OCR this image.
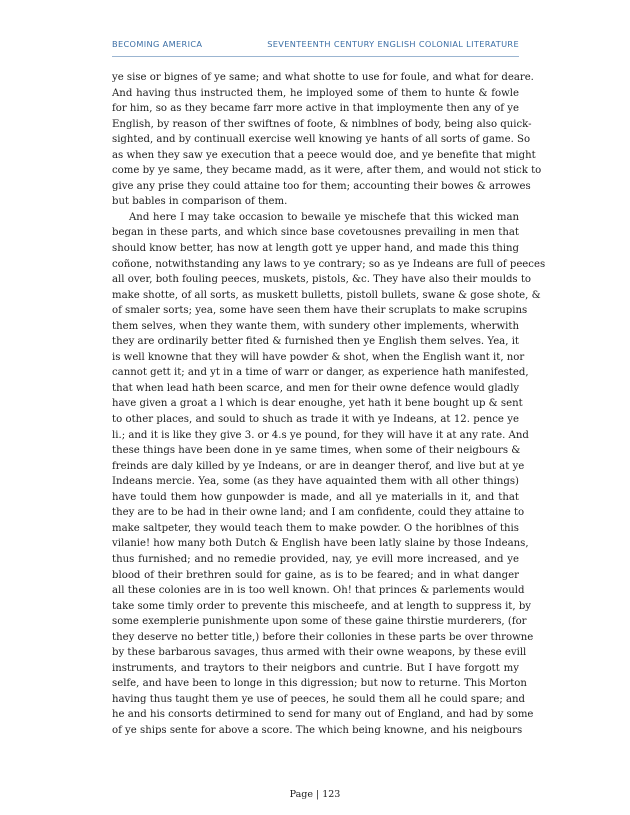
BECOMING AMERICA	SEVENTEENTH CENTURY ENGLISH COLONIAL LITERATURE
ye sise or bignes of ye same; and what shotte to use for foule, and what for deare.
And having thus instructed them, he imployed some of them to hunte & fowle
for him, so as they became farr more active in that imploymente then any of ye
English, by reason of ther swiftnes of foote, & nimblnes of body, being also quick-
sighted, and by continuall exercise well knowing ye hants of all sorts of game. So
as when they saw ye execution that a peece would doe, and ye benefite that might
come by ye same, they became madd, as it were, after them, and would not stick to
give any prise they could attaine too for them; accounting their bowes & arrowes
but bables in comparison of them.
And here I may take occasion to bewaile ye mischefe that this wicked man
began in these parts, and which since base covetousnes prevailing in men that
should know better, has now at length gott ye upper hand, and made this thing
coñone, notwithstanding any laws to ye contrary; so as ye Indeans are full of peeces
all over, both fouling peeces, muskets, pistols, &c. They have also their moulds to
make shotte, of all sorts, as muskett bulletts, pistoll bullets, swane & gose shote, &
of smaler sorts; yea, some have seen them have their scruplats to make scrupins
them selves, when they wante them, with sundery other implements, wherwith
they are ordinarily better fited & furnished then ye English them selves. Yea, it
is well knowne that they will have powder & shot, when the English want it, nor
cannot gett it; and yt in a time of warr or danger, as experience hath manifested,
that when lead hath been scarce, and men for their owne defence would gladly
have given a groat a l which is dear enoughe, yet hath it bene bought up & sent
to other places, and sould to shuch as trade it with ye Indeans, at 12. pence ye
li.; and it is like they give 3. or 4.s ye pound, for they will have it at any rate. And
these things have been done in ye same times, when some of their neigbours &
freinds are daly killed by ye Indeans, or are in deanger therof, and live but at ye
Indeans mercie. Yea, some (as they have aquainted them with all other things)
have tould them how gunpowder is made, and all ye materialls in it, and that
they are to be had in their owne land; and I am confidente, could they attaine to
make saltpeter, they would teach them to make powder. O the horiblnes of this
vilanie! how many both Dutch & English have been latly slaine by those Indeans,
thus furnished; and no remedie provided, nay, ye evill more increased, and ye
blood of their brethren sould for gaine, as is to be feared; and in what danger
all these colonies are in is too well known. Oh! that princes & parlements would
take some timly order to prevente this mischeefe, and at length to suppress it, by
some exemplerie punishmente upon some of these gaine thirstie murderers, (for
they deserve no better title,) before their collonies in these parts be over throwne
by these barbarous savages, thus armed with their owne weapons, by these evill
instruments, and traytors to their neigbors and cuntrie. But I have forgott my
selfe, and have been to longe in this digression; but now to returne. This Morton
having thus taught them ye use of peeces, he sould them all he could spare; and
he and his consorts detirmined to send for many out of England, and had by some
of ye ships sente for above a score. The which being knowne, and his neigbours
Page | 123
